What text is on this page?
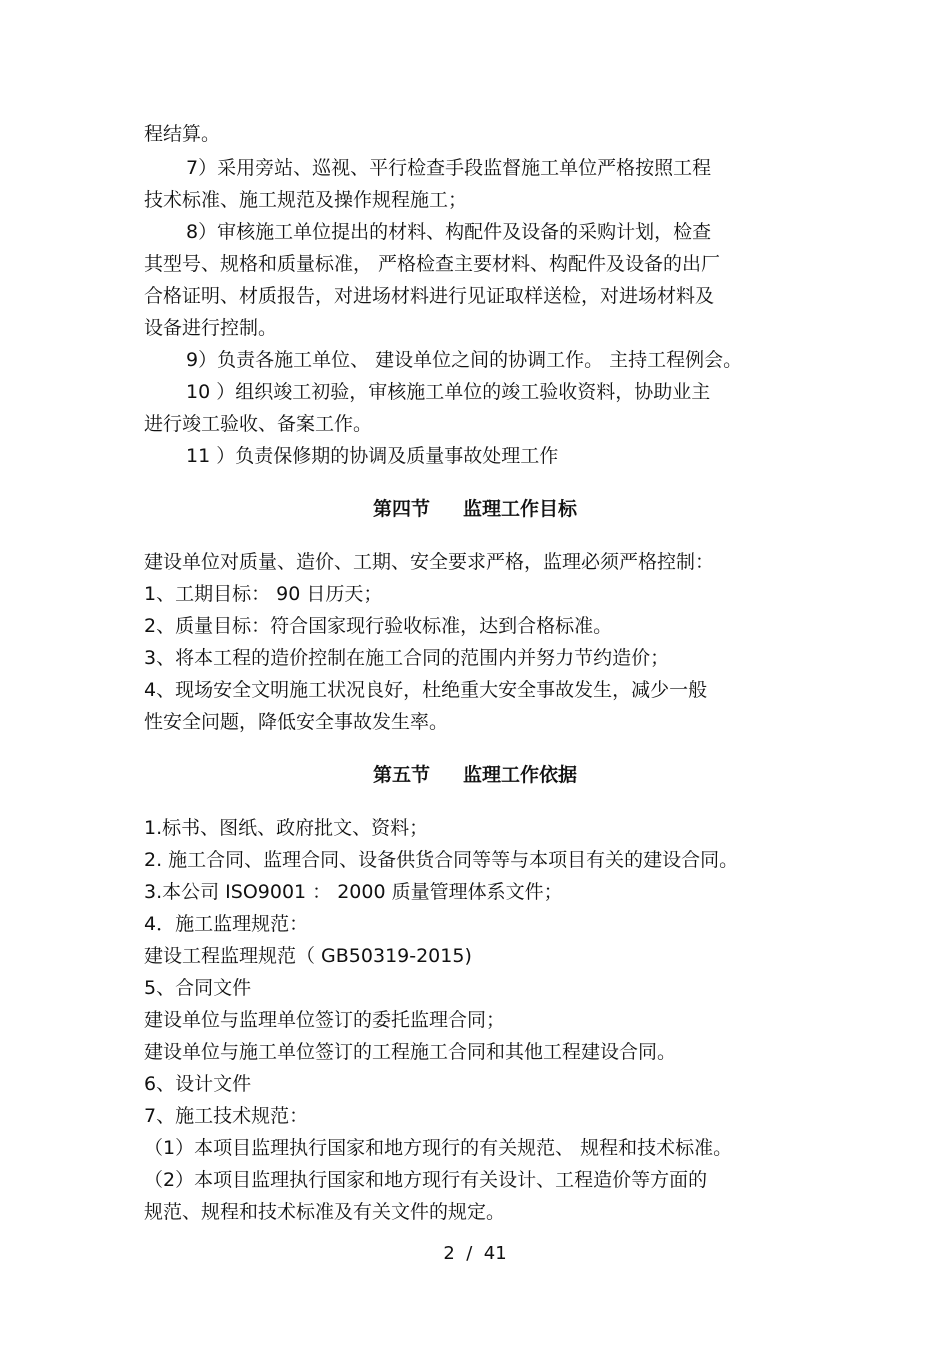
程结算。

7）采用旁站、巡视、平行检查手段监督施工单位严格按照工程

技术标准、施工规范及操作规程施工；

8）审核施工单位提出的材料、构配件及设备的采购计划，检查

其型号、规格和质量标准， 严格检查主要材料、构配件及设备的出厂

合格证明、材质报告，对进场材料进行见证取样送检，对进场材料及

设备进行控制。

9）负责各施工单位、 建设单位之间的协调工作。 主持工程例会。

10 ）组织竣工初验，审核施工单位的竣工验收资料，协助业主

进行竣工验收、备案工作。

11 ）负责保修期的协调及质量事故处理工作

第四节     监理工作目标

建设单位对质量、造价、工期、安全要求严格，监理必须严格控制：

1、工期目标： 90 日历天；

2、质量目标：符合国家现行验收标准，达到合格标准。

3、将本工程的造价控制在施工合同的范围内并努力节约造价；

4、现场安全文明施工状况良好，杜绝重大安全事故发生，减少一般

性安全问题，降低安全事故发生率。

第五节     监理工作依据

1.标书、图纸、政府批文、资料；

2. 施工合同、监理合同、设备供货合同等等与本项目有关的建设合同。

3.本公司 ISO9001 ： 2000 质量管理体系文件；

4．施工监理规范：

建设工程监理规范（ GB50319-2015)

5、合同文件

建设单位与监理单位签订的委托监理合同；

建设单位与施工单位签订的工程施工合同和其他工程建设合同。

6、设计文件

7、施工技术规范：

（1）本项目监理执行国家和地方现行的有关规范、 规程和技术标准。

（2）本项目监理执行国家和地方现行有关设计、工程造价等方面的

规范、规程和技术标准及有关文件的规定。

2  /  41
